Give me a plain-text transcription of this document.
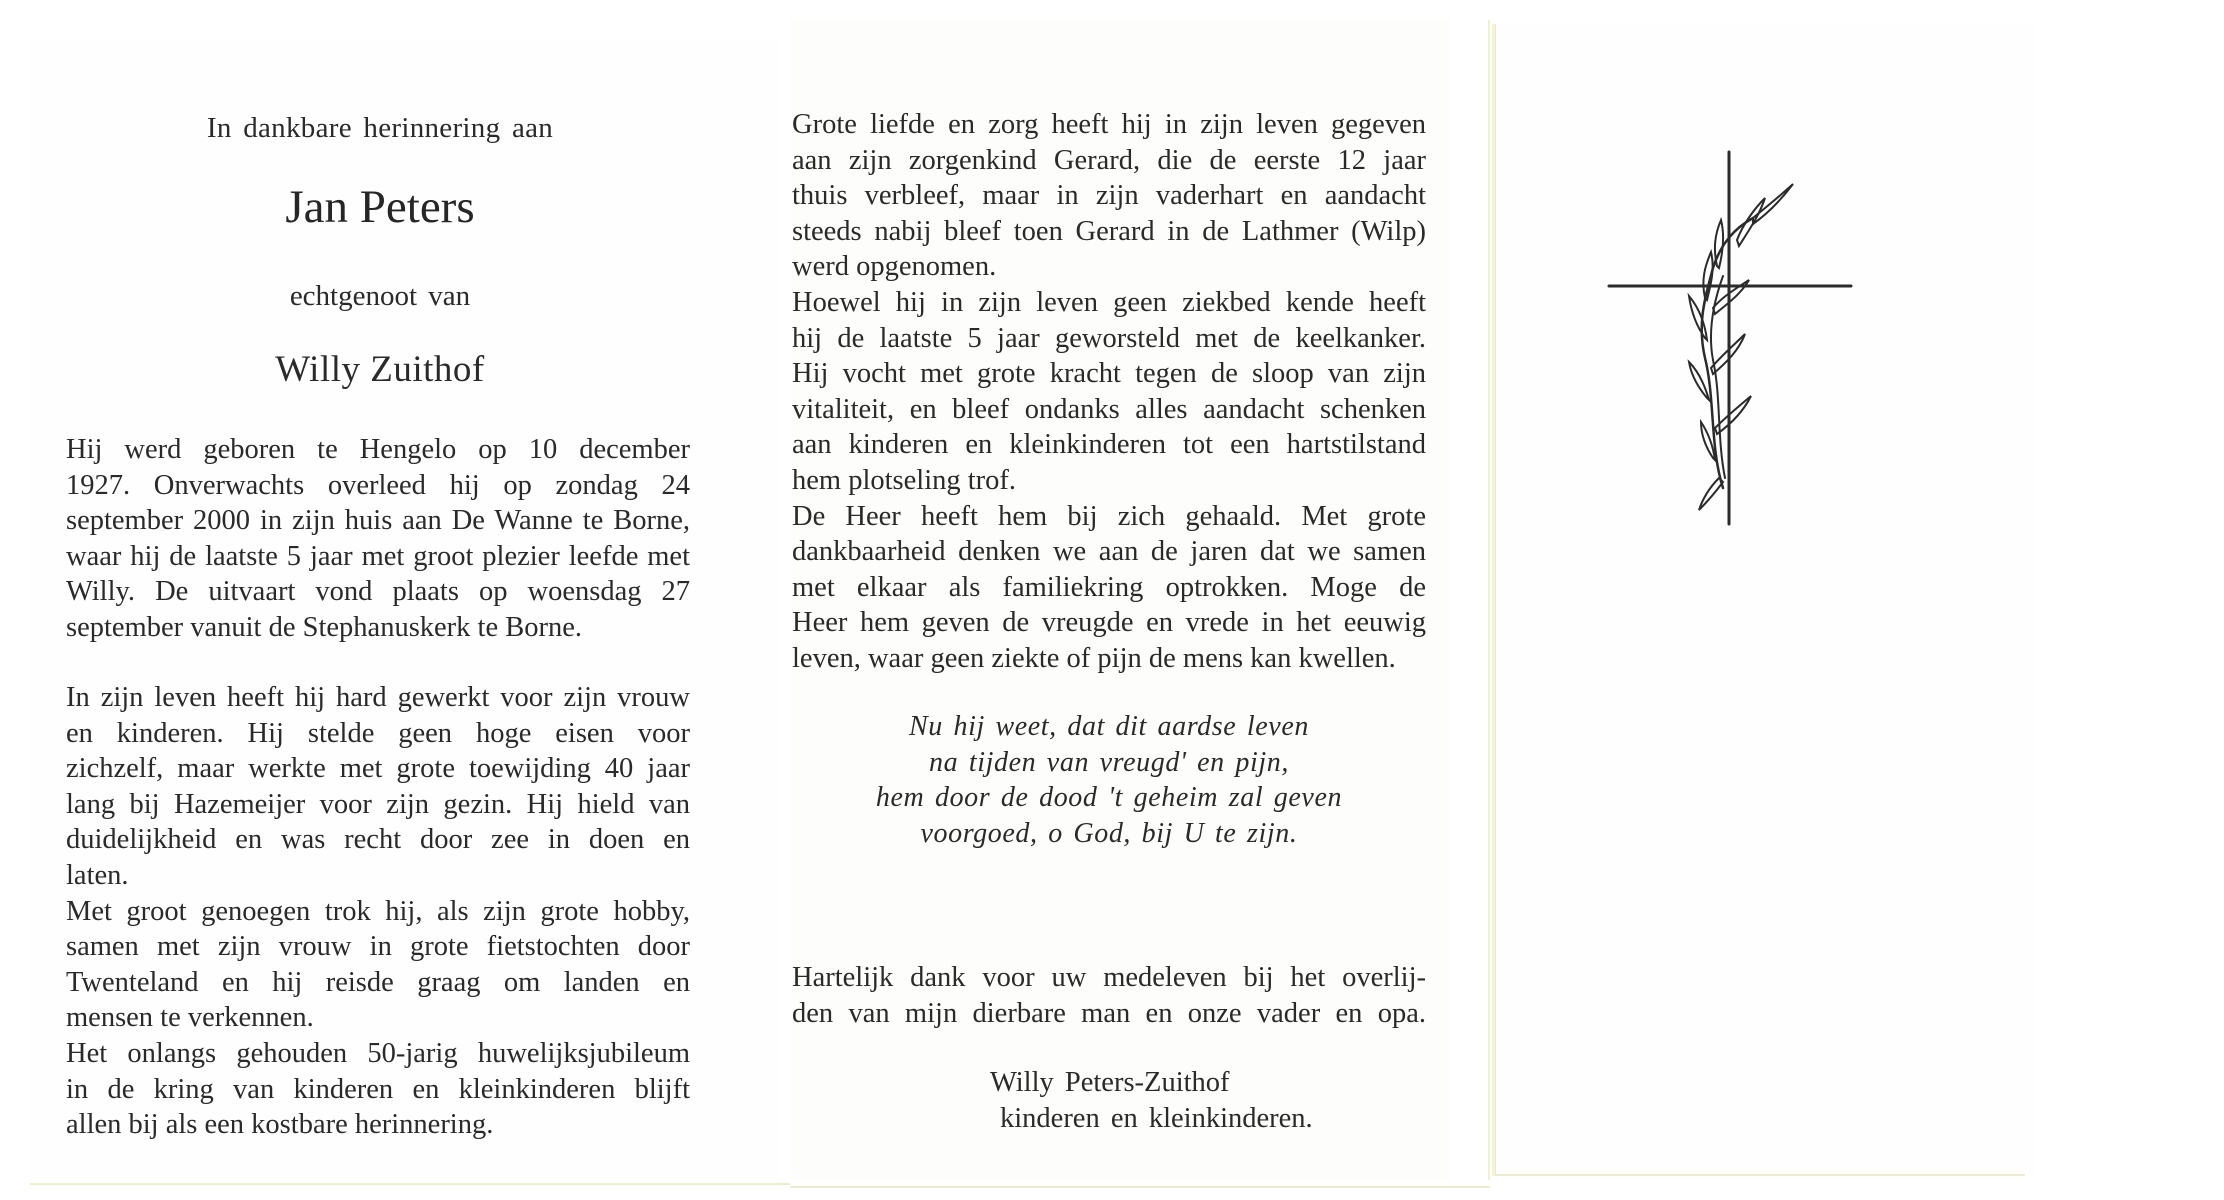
In dankbare herinnering aan
Jan Peters
echtgenoot van
Willy Zuithof
Hij werd geboren te Hengelo op 10 december
1927. Onverwachts overleed hij op zondag 24
september 2000 in zijn huis aan De Wanne te Borne,
waar hij de laatste 5 jaar met groot plezier leefde met
Willy. De uitvaart vond plaats op woensdag 27
september vanuit de Stephanuskerk te Borne.
In zijn leven heeft hij hard gewerkt voor zijn vrouw
en kinderen. Hij stelde geen hoge eisen voor
zichzelf, maar werkte met grote toewijding 40 jaar
lang bij Hazemeijer voor zijn gezin. Hij hield van
duidelijkheid en was recht door zee in doen en
laten.
Met groot genoegen trok hij, als zijn grote hobby,
samen met zijn vrouw in grote fietstochten door
Twenteland en hij reisde graag om landen en
mensen te verkennen.
Het onlangs gehouden 50-jarig huwelijksjubileum
in de kring van kinderen en kleinkinderen blijft
allen bij als een kostbare herinnering.
Grote liefde en zorg heeft hij in zijn leven gegeven
aan zijn zorgenkind Gerard, die de eerste 12 jaar
thuis verbleef, maar in zijn vaderhart en aandacht
steeds nabij bleef toen Gerard in de Lathmer (Wilp)
werd opgenomen.
Hoewel hij in zijn leven geen ziekbed kende heeft
hij de laatste 5 jaar geworsteld met de keelkanker.
Hij vocht met grote kracht tegen de sloop van zijn
vitaliteit, en bleef ondanks alles aandacht schenken
aan kinderen en kleinkinderen tot een hartstilstand
hem plotseling trof.
De Heer heeft hem bij zich gehaald. Met grote
dankbaarheid denken we aan de jaren dat we samen
met elkaar als familiekring optrokken. Moge de
Heer hem geven de vreugde en vrede in het eeuwig
leven, waar geen ziekte of pijn de mens kan kwellen.
Nu hij weet, dat dit aardse leven
na tijden van vreugd' en pijn,
hem door de dood 't geheim zal geven
voorgoed, o God, bij U te zijn.
Hartelijk dank voor uw medeleven bij het overlij-
den van mijn dierbare man en onze vader en opa.
Willy Peters-Zuithof
kinderen en kleinkinderen.
